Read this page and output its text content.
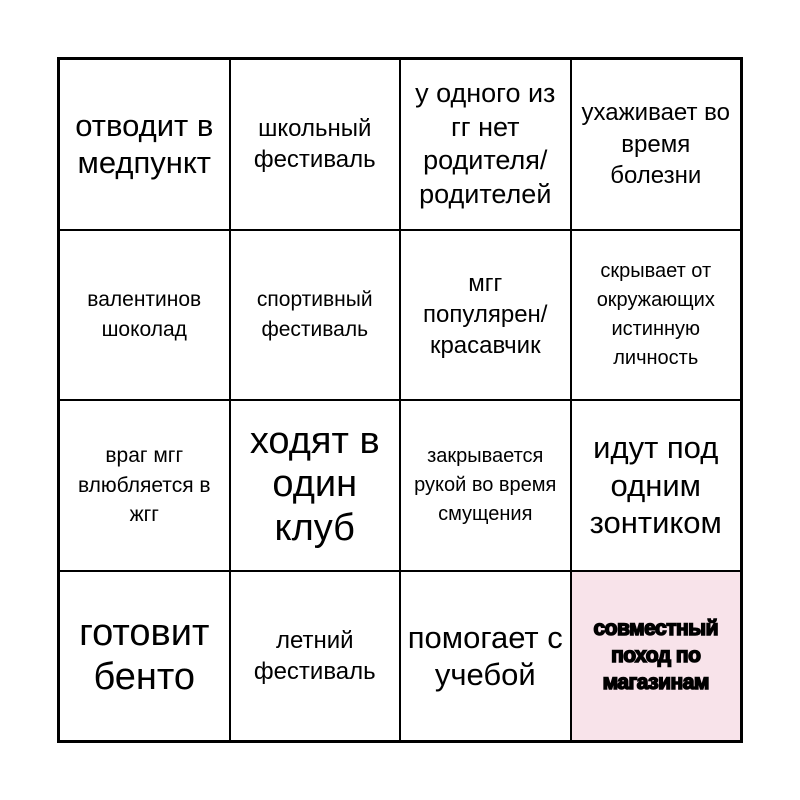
отводит в медпункт
школьный фестиваль
у одного из гг нет родителя/ родителей
ухаживает во время болезни
валентинов шоколад
спортивный фестиваль
мгг популярен/ красавчик
скрывает от окружающих истинную личность
враг мгг влюбляется в жгг
ходят в один клуб
закрывается рукой во время смущения
идут под одним зонтиком
готовит бенто
летний фестиваль
помогает с учебой
совместный поход по магазинам
